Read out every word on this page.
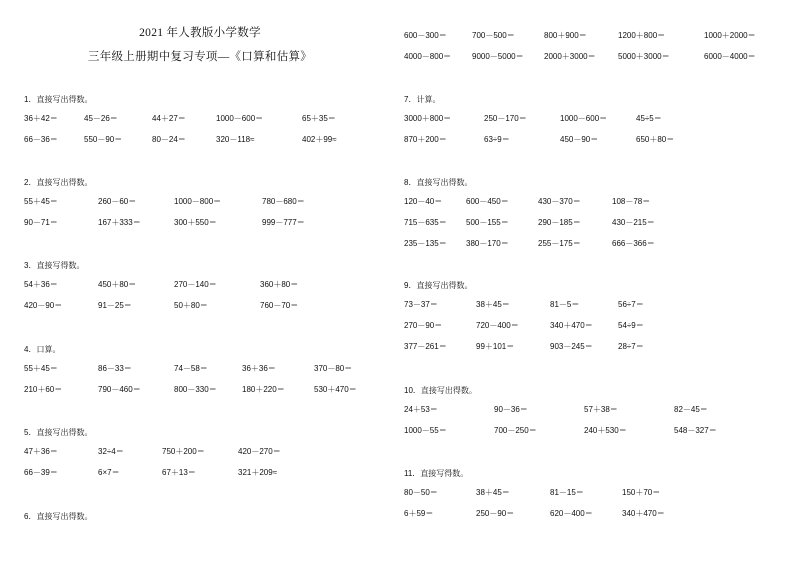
2021 年人教版小学数学
三年级上册期中复习专项—《口算和估算》
1．直接写出得数。
36＋42＝	45－26＝	44＋27＝	1000－600＝	65＋35＝
66－36＝	550－90＝	80－24＝	320－118≈	402＋99≈
2．直接写出得数。
55＋45＝	260－60＝	1000－800＝	780－680＝
90－71＝	167＋333＝	300＋550＝	999－777＝
3．直接写得数。
54＋36＝	450＋80＝	270－140＝	360＋80＝
420－90＝	91－25＝	50＋80＝	760－70＝
4．口算。
55＋45＝	86－33＝	74－58＝	36＋36＝	370－80＝
210＋60＝	790－460＝	800－330＝	180＋220＝	530＋470＝
5．直接写出得数。
47＋36＝	32÷4＝	750＋200＝	420－270＝
66－39＝	6×7＝	67＋13＝	321＋209≈
6．直接写出得数。
600－300＝	700－500＝	800＋900＝	1200＋800＝	1000＋2000＝
4000－800＝	9000－5000＝	2000＋3000＝	5000＋3000＝	6000－4000＝
7．计算。
3000＋800＝	250－170＝	1000－600＝	45÷5＝
870＋200＝	63÷9＝	450－90＝	650＋80＝
8．直接写出得数。
120－40＝	600－450＝	430－370＝	108－78＝
715－635＝ 500－155＝	290－185＝	430－215＝
235－135＝ 380－170＝	255－175＝	666－366＝
9．直接写出得数。
73－37＝	38＋45＝	81－5＝	56÷7＝
270－90＝	720－400＝	340＋470＝	54÷9＝
377－261＝	99＋101＝	903－245＝	28÷7＝
10．直接写出得数。
24＋53＝	90－36＝	57＋38＝	82－45＝
1000－55＝	700－250＝	240＋530＝	548－327＝
11．直接写得数。
80－50＝	38＋45＝	81－15＝	150＋70＝
6＋59＝	250－90＝	620－400＝	340＋470＝
